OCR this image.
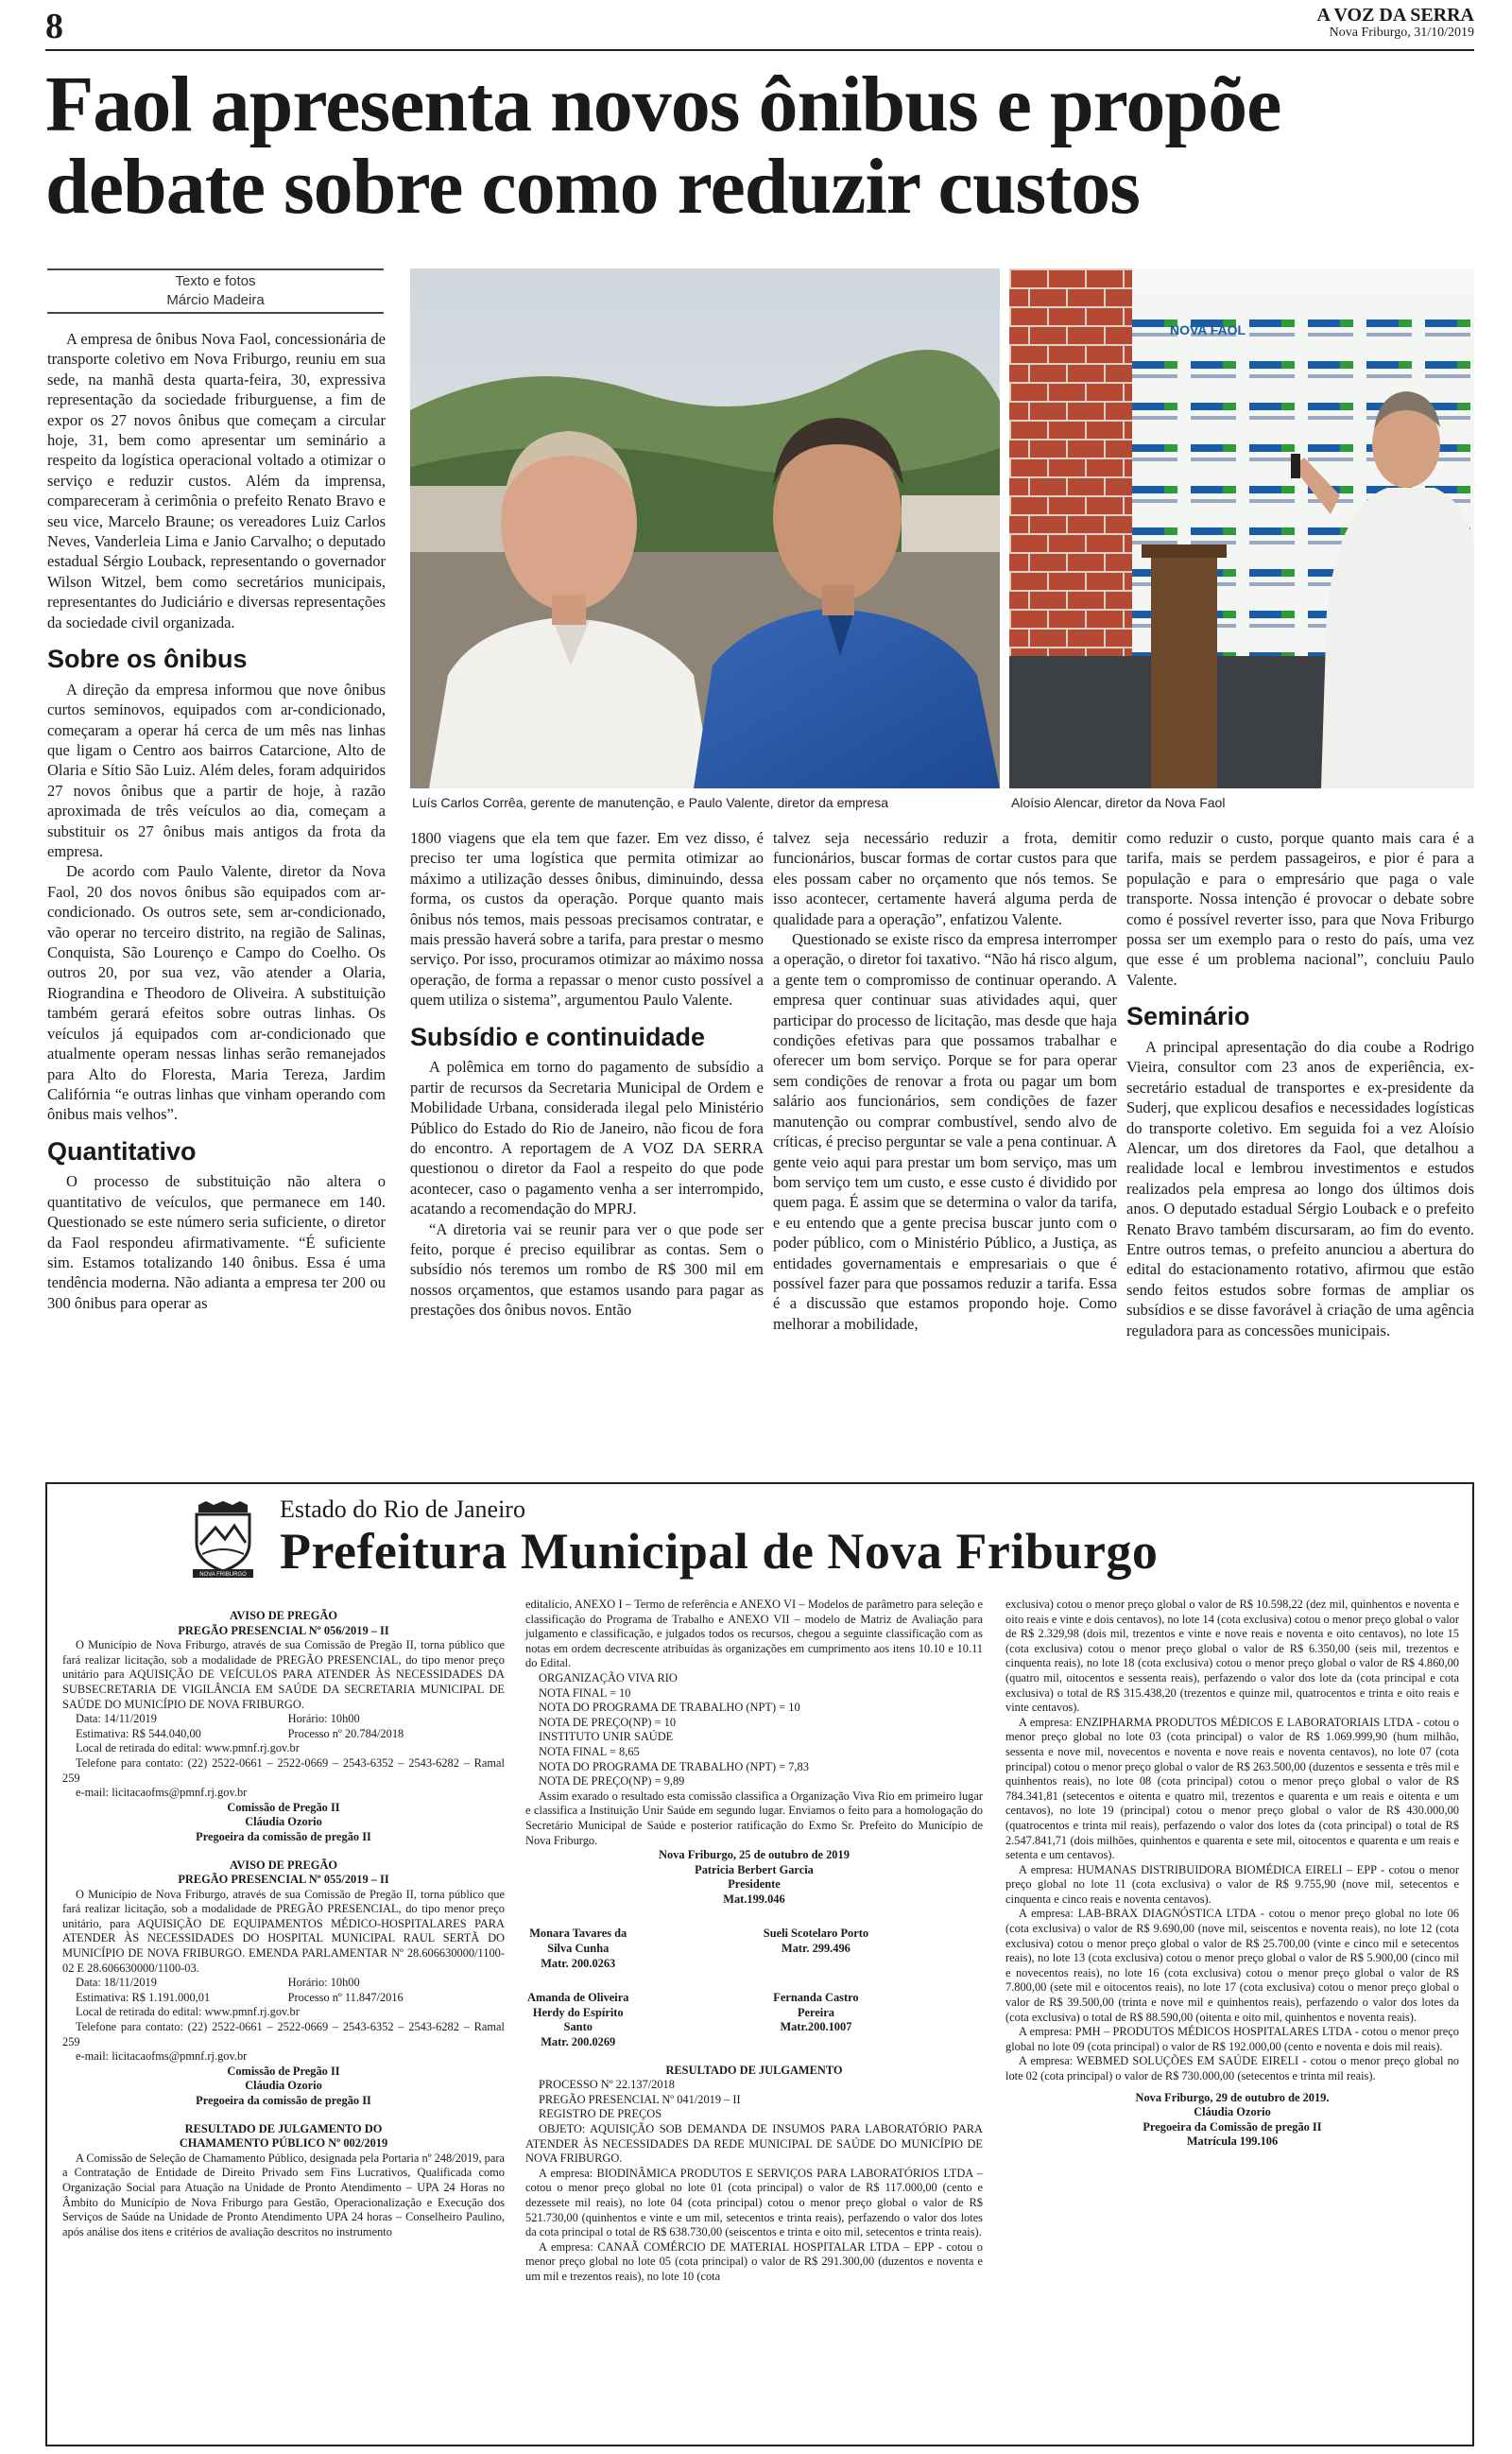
8	A VOZ DA SERRA
Nova Friburgo, 31/10/2019
Faol apresenta novos ônibus e propõe debate sobre como reduzir custos
Texto e fotos
Márcio Madeira
Luís Carlos Corrêa, gerente de manutenção, e Paulo Valente, diretor da empresa
NOVA FAOL
Aloísio Alencar, diretor da Nova Faol

A empresa de ônibus Nova Faol, concessionária de transporte coletivo em Nova Friburgo, reuniu em sua sede, na manhã desta quarta-feira, 30, expressiva representação da sociedade friburguense, a fim de expor os 27 novos ônibus que começam a circular hoje, 31, bem como apresentar um seminário a respeito da logística operacional voltado a otimizar o serviço e reduzir custos. Além da imprensa, compareceram à cerimônia o prefeito Renato Bravo e seu vice, Marcelo Braune; os vereadores Luiz Carlos Neves, Vanderleia Lima e Janio Carvalho; o deputado estadual Sérgio Louback, representando o governador Wilson Witzel, bem como secretários municipais, representantes do Judiciário e diversas representações da sociedade civil organizada.

Sobre os ônibus

A direção da empresa informou que nove ônibus curtos seminovos, equipados com ar-condicionado, começaram a operar há cerca de um mês nas linhas que ligam o Centro aos bairros Catarcione, Alto de Olaria e Sítio São Luiz. Além deles, foram adquiridos 27 novos ônibus que a partir de hoje, à razão aproximada de três veículos ao dia, começam a substituir os 27 ônibus mais antigos da frota da empresa.

De acordo com Paulo Valente, diretor da Nova Faol, 20 dos novos ônibus são equipados com ar-condicionado. Os outros sete, sem ar-condicionado, vão operar no terceiro distrito, na região de Salinas, Conquista, São Lourenço e Campo do Coelho. Os outros 20, por sua vez, vão atender a Olaria, Riograndina e Theodoro de Oliveira. A substituição também gerará efeitos sobre outras linhas. Os veículos já equipados com ar-condicionado que atualmente operam nessas linhas serão remanejados para Alto do Floresta, Maria Tereza, Jardim Califórnia “e outras linhas que vinham operando com ônibus mais velhos”.

Quantitativo

O processo de substituição não altera o quantitativo de veículos, que permanece em 140. Questionado se este número seria suficiente, o diretor da Faol respondeu afirmativamente. “É suficiente sim. Estamos totalizando 140 ônibus. Essa é uma tendência moderna. Não adianta a empresa ter 200 ou 300 ônibus para operar as

1800 viagens que ela tem que fazer. Em vez disso, é preciso ter uma logística que permita otimizar ao máximo a utilização desses ônibus, diminuindo, dessa forma, os custos da operação. Porque quanto mais ônibus nós temos, mais pessoas precisamos contratar, e mais pressão haverá sobre a tarifa, para prestar o mesmo serviço. Por isso, procuramos otimizar ao máximo nossa operação, de forma a repassar o menor custo possível a quem utiliza o sistema”, argumentou Paulo Valente.

Subsídio e continuidade

A polêmica em torno do pagamento de subsídio a partir de recursos da Secretaria Municipal de Ordem e Mobilidade Urbana, considerada ilegal pelo Ministério Público do Estado do Rio de Janeiro, não ficou de fora do encontro. A reportagem de A VOZ DA SERRA questionou o diretor da Faol a respeito do que pode acontecer, caso o pagamento venha a ser interrompido, acatando a recomendação do MPRJ.

“A diretoria vai se reunir para ver o que pode ser feito, porque é preciso equilibrar as contas. Sem o subsídio nós teremos um rombo de R$ 300 mil em nossos orçamentos, que estamos usando para pagar as prestações dos ônibus novos. Então

talvez seja necessário reduzir a frota, demitir funcionários, buscar formas de cortar custos para que eles possam caber no orçamento que nós temos. Se isso acontecer, certamente haverá alguma perda de qualidade para a operação”, enfatizou Valente.

Questionado se existe risco da empresa interromper a operação, o diretor foi taxativo. “Não há risco algum, a gente tem o compromisso de continuar operando. A empresa quer continuar suas atividades aqui, quer participar do processo de licitação, mas desde que haja condições efetivas para que possamos trabalhar e oferecer um bom serviço. Porque se for para operar sem condições de renovar a frota ou pagar um bom salário aos funcionários, sem condições de fazer manutenção ou comprar combustível, sendo alvo de críticas, é preciso perguntar se vale a pena continuar. A gente veio aqui para prestar um bom serviço, mas um bom serviço tem um custo, e esse custo é dividido por quem paga. É assim que se determina o valor da tarifa, e eu entendo que a gente precisa buscar junto com o poder público, com o Ministério Público, a Justiça, as entidades governamentais e empresariais o que é possível fazer para que possamos reduzir a tarifa. Essa é a discussão que estamos propondo hoje. Como melhorar a mobilidade,

como reduzir o custo, porque quanto mais cara é a tarifa, mais se perdem passageiros, e pior é para a população e para o empresário que paga o vale transporte. Nossa intenção é provocar o debate sobre como é possível reverter isso, para que Nova Friburgo possa ser um exemplo para o resto do país, uma vez que esse é um problema nacional”, concluiu Paulo Valente.

Seminário

A principal apresentação do dia coube a Rodrigo Vieira, consultor com 23 anos de experiência, ex-secretário estadual de transportes e ex-presidente da Suderj, que explicou desafios e necessidades logísticas do transporte coletivo. Em seguida foi a vez Aloísio Alencar, um dos diretores da Faol, que detalhou a realidade local e lembrou investimentos e estudos realizados pela empresa ao longo dos últimos dois anos. O deputado estadual Sérgio Louback e o prefeito Renato Bravo também discursaram, ao fim do evento. Entre outros temas, o prefeito anunciou a abertura do edital do estacionamento rotativo, afirmou que estão sendo feitos estudos sobre formas de ampliar os subsídios e se disse favorável à criação de uma agência reguladora para as concessões municipais.

NOVA FRIBURGO
Estado do Rio de Janeiro
Prefeitura Municipal de Nova Friburgo

AVISO DE PREGÃO

PREGÃO PRESENCIAL Nº 056/2019 – II

O Município de Nova Friburgo, através de sua Comissão de Pregão II, torna público que fará realizar licitação, sob a modalidade de PREGÃO PRESENCIAL, do tipo menor preço unitário para AQUISIÇÃO DE VEÍCULOS PARA ATENDER ÀS NECESSIDADES DA SUBSECRETARIA DE VIGILÂNCIA EM SAÚDE DA SECRETARIA MUNICIPAL DE SAÚDE DO MUNICÍPIO DE NOVA FRIBURGO.

Data: 14/11/2019	Horário: 10h00
Estimativa: R$ 544.040,00	Processo nº 20.784/2018

Local de retirada do edital: www.pmnf.rj.gov.br

Telefone para contato: (22) 2522-0661 – 2522-0669 – 2543-6352 – 2543-6282 – Ramal 259

e-mail: licitacaofms@pmnf.rj.gov.br

Comissão de Pregão II

Cláudia Ozorio

Pregoeira da comissão de pregão II

AVISO DE PREGÃO

PREGÃO PRESENCIAL Nº 055/2019 – II

O Município de Nova Friburgo, através de sua Comissão de Pregão II, torna público que fará realizar licitação, sob a modalidade de PREGÃO PRESENCIAL, do tipo menor preço unitário, para AQUISIÇÃO DE EQUIPAMENTOS MÉDICO-HOSPITALARES PARA ATENDER ÀS NECESSIDADES DO HOSPITAL MUNICIPAL RAUL SERTÃ DO MUNICÍPIO DE NOVA FRIBURGO. EMENDA PARLAMENTAR Nº 28.606630000/1100-02 E 28.606630000/1100-03.

Data: 18/11/2019	Horário: 10h00
Estimativa: R$ 1.191.000,01	Processo nº 11.847/2016

Local de retirada do edital: www.pmnf.rj.gov.br

Telefone para contato: (22) 2522-0661 – 2522-0669 – 2543-6352 – 2543-6282 – Ramal 259

e-mail: licitacaofms@pmnf.rj.gov.br

Comissão de Pregão II

Cláudia Ozorio

Pregoeira da comissão de pregão II

RESULTADO DE JULGAMENTO DO

CHAMAMENTO PÚBLICO Nº 002/2019

A Comissão de Seleção de Chamamento Público, designada pela Portaria nº 248/2019, para a Contratação de Entidade de Direito Privado sem Fins Lucrativos, Qualificada como Organização Social para Atuação na Unidade de Pronto Atendimento – UPA 24 Horas no Âmbito do Município de Nova Friburgo para Gestão, Operacionalização e Execução dos Serviços de Saúde na Unidade de Pronto Atendimento UPA 24 horas – Conselheiro Paulino, após análise dos itens e critérios de avaliação descritos no instrumento

editalício, ANEXO I – Termo de referência e ANEXO VI – Modelos de parâmetro para seleção e classificação do Programa de Trabalho e ANEXO VII – modelo de Matriz de Avaliação para julgamento e classificação, e julgados todos os recursos, chegou a seguinte classificação com as notas em ordem decrescente atribuídas às organizações em cumprimento aos itens 10.10 e 10.11 do Edital.

ORGANIZAÇÃO VIVA RIO

NOTA FINAL = 10

NOTA DO PROGRAMA DE TRABALHO (NPT) = 10

NOTA DE PREÇO(NP) = 10

INSTITUTO UNIR SAÚDE

NOTA FINAL = 8,65

NOTA DO PROGRAMA DE TRABALHO (NPT) = 7,83

NOTA DE PREÇO(NP) = 9,89

Assim exarado o resultado esta comissão classifica a Organização Viva Rio em primeiro lugar e classifica a Instituição Unir Saúde em segundo lugar. Enviamos o feito para a homologação do Secretário Municipal de Saúde e posterior ratificação do Exmo Sr. Prefeito do Município de Nova Friburgo.

Nova Friburgo, 25 de outubro de 2019

Patricia Berbert Garcia

Presidente

Mat.199.046

Monara Tavares da Silva Cunha
Matr. 200.0263
Sueli Scotelaro Porto
Matr. 299.496
Amanda de Oliveira Herdy do Espírito Santo
Matr. 200.0269
Fernanda Castro Pereira
Matr.200.1007

RESULTADO DE JULGAMENTO

PROCESSO Nº 22.137/2018

PREGÃO PRESENCIAL Nº 041/2019 – II

REGISTRO DE PREÇOS

OBJETO: AQUISIÇÃO SOB DEMANDA DE INSUMOS PARA LABORATÓRIO PARA ATENDER ÀS NECESSIDADES DA REDE MUNICIPAL DE SAÚDE DO MUNICÍPIO DE NOVA FRIBURGO.

A empresa: BIODINÂMICA PRODUTOS E SERVIÇOS PARA LABORATÓRIOS LTDA – cotou o menor preço global no lote 01 (cota principal) o valor de R$ 117.000,00 (cento e dezessete mil reais), no lote 04 (cota principal) cotou o menor preço global o valor de R$ 521.730,00 (quinhentos e vinte e um mil, setecentos e trinta reais), perfazendo o valor dos lotes da cota principal o total de R$ 638.730,00 (seiscentos e trinta e oito mil, setecentos e trinta reais).

A empresa: CANAÃ COMÉRCIO DE MATERIAL HOSPITALAR LTDA – EPP - cotou o menor preço global no lote 05 (cota principal) o valor de R$ 291.300,00 (duzentos e noventa e um mil e trezentos reais), no lote 10 (cota

exclusiva) cotou o menor preço global o valor de R$ 10.598,22 (dez mil, quinhentos e noventa e oito reais e vinte e dois centavos), no lote 14 (cota exclusiva) cotou o menor preço global o valor de R$ 2.329,98 (dois mil, trezentos e vinte e nove reais e noventa e oito centavos), no lote 15 (cota exclusiva) cotou o menor preço global o valor de R$ 6.350,00 (seis mil, trezentos e cinquenta reais), no lote 18 (cota exclusiva) cotou o menor preço global o valor de R$ 4.860,00 (quatro mil, oitocentos e sessenta reais), perfazendo o valor dos lote da (cota principal e cota exclusiva) o total de R$ 315.438,20 (trezentos e quinze mil, quatrocentos e trinta e oito reais e vinte centavos).

A empresa: ENZIPHARMA PRODUTOS MÉDICOS E LABORATORIAIS LTDA - cotou o menor preço global no lote 03 (cota principal) o valor de R$ 1.069.999,90 (hum milhão, sessenta e nove mil, novecentos e noventa e nove reais e noventa centavos), no lote 07 (cota principal) cotou o menor preço global o valor de R$ 263.500,00 (duzentos e sessenta e três mil e quinhentos reais), no lote 08 (cota principal) cotou o menor preço global o valor de R$ 784.341,81 (setecentos e oitenta e quatro mil, trezentos e quarenta e um reais e oitenta e um centavos), no lote 19 (principal) cotou o menor preço global o valor de R$ 430.000,00 (quatrocentos e trinta mil reais), perfazendo o valor dos lotes da (cota principal) o total de R$ 2.547.841,71 (dois milhões, quinhentos e quarenta e sete mil, oitocentos e quarenta e um reais e setenta e um centavos).

A empresa: HUMANAS DISTRIBUIDORA BIOMÉDICA EIRELI – EPP - cotou o menor preço global no lote 11 (cota exclusiva) o valor de R$ 9.755,90 (nove mil, setecentos e cinquenta e cinco reais e noventa centavos).

A empresa: LAB-BRAX DIAGNÓSTICA LTDA - cotou o menor preço global no lote 06 (cota exclusiva) o valor de R$ 9.690,00 (nove mil, seiscentos e noventa reais), no lote 12 (cota exclusiva) cotou o menor preço global o valor de R$ 25.700,00 (vinte e cinco mil e setecentos reais), no lote 13 (cota exclusiva) cotou o menor preço global o valor de R$ 5.900,00 (cinco mil e novecentos reais), no lote 16 (cota exclusiva) cotou o menor preço global o valor de R$ 7.800,00 (sete mil e oitocentos reais), no lote 17 (cota exclusiva) cotou o menor preço global o valor de R$ 39.500,00 (trinta e nove mil e quinhentos reais), perfazendo o valor dos lotes da (cota exclusiva) o total de R$ 88.590,00 (oitenta e oito mil, quinhentos e noventa reais).

A empresa: PMH – PRODUTOS MÉDICOS HOSPITALARES LTDA - cotou o menor preço global no lote 09 (cota principal) o valor de R$ 192.000,00 (cento e noventa e dois mil reais).

A empresa: WEBMED SOLUÇÕES EM SAÚDE EIRELI - cotou o menor preço global no lote 02 (cota principal) o valor de R$ 730.000,00 (setecentos e trinta mil reais).

Nova Friburgo, 29 de outubro de 2019.

Cláudia Ozorio

Pregoeira da Comissão de pregão II

Matrícula 199.106
